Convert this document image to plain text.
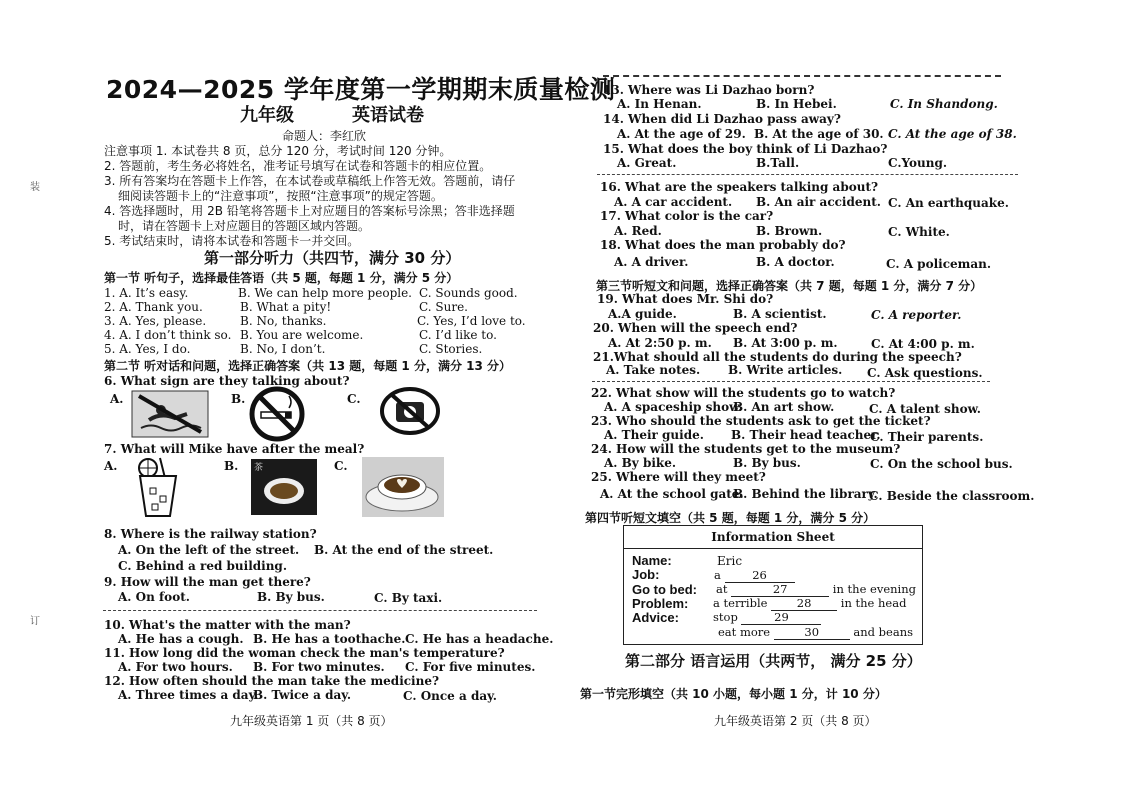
装
订
2024—2025 学年度第一学期期末质量检测
九年级	英语试卷
命题人：李红欣
注意事项 1. 本试卷共 8 页，总分 120 分，考试时间 120 分钟。
2. 答题前，考生务必将姓名，准考证号填写在试卷和答题卡的相应位置。
3. 所有答案均在答题卡上作答，在本试卷或草稿纸上作答无效。答题前，请仔
细阅读答题卡上的“注意事项”，按照“注意事项”的规定答题。
4. 答选择题时，用 2B 铅笔将答题卡上对应题目的答案标号涂黑；答非选择题
时，请在答题卡上对应题目的答题区域内答题。
5. 考试结束时，请将本试卷和答题卡一并交回。
第一部分听力（共四节，满分 30 分）
第一节 听句子，选择最佳答语（共 5 题，每题 1 分，满分 5 分）
1. A. It’s easy.	B. We can help more people. C. Sounds good.
2. A. Thank you.	B. What a pity!	C. Sure.
3. A. Yes, please.	B. No, thanks.	C. Yes, I’d love to.
4. A. I don’t think so. B. You are welcome.	C. I’d like to.
5. A. Yes, I do.	B. No, I don’t.	C. Stories.
第二节 听对话和问题，选择正确答案（共 13 题，每题 1 分，满分 13 分）
6. What sign are they talking about?
A.	B.	C.
7. What will Mike have after the meal?
A.	B.	C.
茶
8. Where is the railway station?
A. On the left of the street. B. At the end of the street.
C. Behind a red building.
9. How will the man get there?
A. On foot.	B. By bus.	C. By taxi.
10. What's the matter with the man?
A. He has a cough. B. He has a toothache. C. He has a headache.
11. How long did the woman check the man's temperature?
A. For two hours. B. For two minutes. C. For five minutes.
12. How often should the man take the medicine?
A. Three times a day.
B. Twice a day.	C. Once a day.
九年级英语第 1 页（共 8 页）
13. Where was Li Dazhao born?
A. In Henan.	B. In Hebei.	C. In Shandong.
14. When did Li Dazhao pass away?
A. At the age of 29. B. At the age of 30. C. At the age of 38.
15. What does the boy think of Li Dazhao?
A. Great.	B.Tall.	C.Young.
16. What are the speakers talking about?
A. A car accident. B. An air accident. C. An earthquake.
17. What color is the car?
A. Red.	B. Brown.	C. White.
18. What does the man probably do?
A. A driver.	B. A doctor.	C. A policeman.
第三节听短文和问题，选择正确答案（共 7 题，每题 1 分，满分 7 分）
19. What does Mr. Shi do?
A.A guide.	B. A scientist.	C. A reporter.
20. When will the speech end?
A. At 2:50 p. m. B. At 3:00 p. m.	C. At 4:00 p. m.
21.What should all the students do during the speech?
A. Take notes. B. Write articles. C. Ask questions.
22. What show will the students go to watch?
A. A spaceship show.
B. An art show.	C. A talent show.
23. Who should the students ask to get the ticket?
A. Their guide. B. Their head teacher.
C. Their parents.
24. How will the students get to the museum?
A. By bike.	B. By bus.	C. On the school bus.
25. Where will they meet?
A. At the school gate.
B. Behind the library.
C. Beside the classroom.
第四节听短文填空（共 5 题，每题 1 分，满分 5 分）
Information Sheet
Name:	Eric
Job:	a	26
Go to bed: at	27	in the evening
Problem: a terrible	28	in the head
Advice:	stop	29
eat more	30	and beans
第二部分 语言运用（共两节， 满分 25 分）
第一节完形填空（共 10 小题，每小题 1 分，计 10 分）
九年级英语第 2 页（共 8 页）
